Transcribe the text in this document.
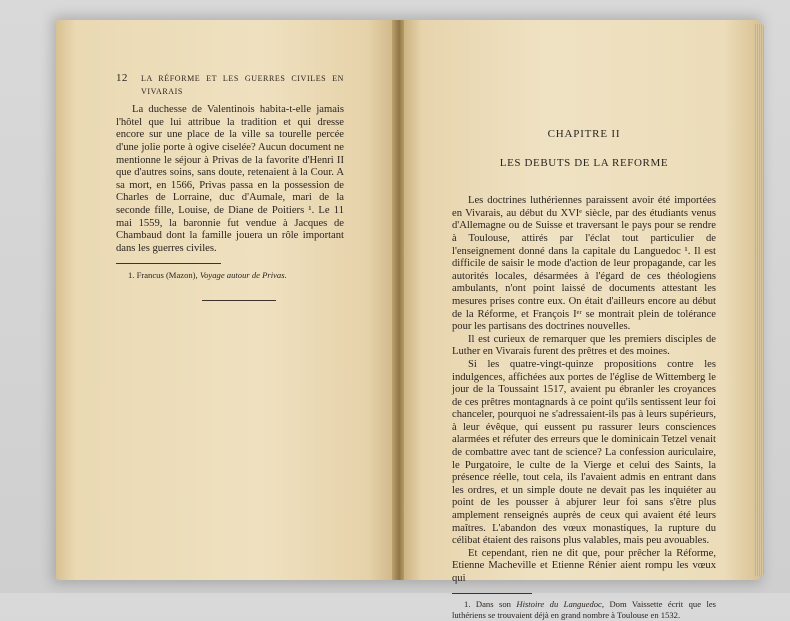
12	LA RÉFORME ET LES GUERRES CIVILES EN VIVARAIS

La duchesse de Valentinois habita-t-elle jamais l'hôtel que lui attribue la tradition et qui dresse encore sur une place de la ville sa tourelle percée d'une jolie porte à ogive ciselée? Aucun document ne mentionne le séjour à Privas de la favorite d'Henri II que d'autres soins, sans doute, retenaient à la Cour. A sa mort, en 1566, Privas passa en la possession de Charles de Lorraine, duc d'Aumale, mari de la seconde fille, Louise, de Diane de Poitiers ¹. Le 11 mai 1559, la baronnie fut vendue à Jacques de Chambaud dont la famille jouera un rôle important dans les guerres civiles.

1. Francus (Mazon), Voyage autour de Privas.

CHAPITRE II

LES DEBUTS DE LA REFORME

Les doctrines luthériennes paraissent avoir été importées en Vivarais, au début du XVIᵉ siècle, par des étudiants venus d'Allemagne ou de Suisse et traversant le pays pour se rendre à Toulouse, attirés par l'éclat tout particulier de l'enseignement donné dans la capitale du Languedoc ¹. Il est difficile de saisir le mode d'action de leur propagande, car les autorités locales, désarmées à l'égard de ces théologiens ambulants, n'ont point laissé de documents attestant les mesures prises contre eux. On était d'ailleurs encore au début de la Réforme, et François Iᵉʳ se montrait plein de tolérance pour les partisans des doctrines nouvelles.

Il est curieux de remarquer que les premiers disciples de Luther en Vivarais furent des prêtres et des moines.

Si les quatre-vingt-quinze propositions contre les indulgences, affichées aux portes de l'église de Wittemberg le jour de la Toussaint 1517, avaient pu ébranler les croyances de ces prêtres montagnards à ce point qu'ils sentissent leur foi chanceler, pourquoi ne s'adressaient-ils pas à leurs supérieurs, à leur évêque, qui eussent pu rassurer leurs consciences alarmées et réfuter des erreurs que le dominicain Tetzel venait de combattre avec tant de science? La confession auriculaire, le Purgatoire, le culte de la Vierge et celui des Saints, la présence réelle, tout cela, ils l'avaient admis en entrant dans les ordres, et un simple doute ne devait pas les inquiéter au point de les pousser à abjurer leur foi sans s'être plus amplement renseignés auprès de ceux qui avaient été leurs maîtres. L'abandon des vœux monastiques, la rupture du célibat étaient des raisons plus valables, mais peu avouables.

Et cependant, rien ne dit que, pour prêcher la Réforme, Etienne Macheville et Etienne Rénier aient rompu les vœux qui

1. Dans son Histoire du Languedoc, Dom Vaissette écrit que les luthériens se trouvaient déjà en grand nombre à Toulouse en 1532.
